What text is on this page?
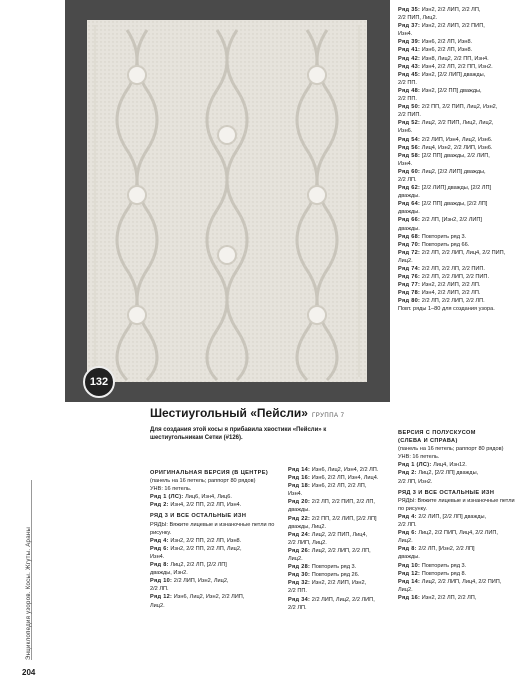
132
Энциклопедия узоров. Косы. Жгуты. Араны
204
Ряд 35: Изн2, 2/2 ЛИП, 2/2 ЛП,
2/2 ПИП, Лиц2.
Ряд 37: Изн2, 2/2 ЛИП, 2/2 ПИП,
Изн4.
Ряд 39: Изн6, 2/2 ЛП, Изн8.
Ряд 41: Изн6, 2/2 ЛП, Изн8.
Ряд 42: Изн8, Лиц2, 2/2 ПП, Изн4.
Ряд 43: Изн4, 2/2 ЛП, 2/2 ПП, Изн2.
Ряд 45: Изн2, [2/2 ЛИП] дважды,
2/2 ПП.
Ряд 48: Изн2, [2/2 ПП] дважды,
2/2 ПП.
Ряд 50: 2/2 ПП, 2/2 ПИП, Лиц2, Изн2,
2/2 ПИП.
Ряд 52: Лиц2, 2/2 ПИП, Лиц2, Лиц2,
Изн6.
Ряд 54: 2/2 ЛИП, Изн4, Лиц2, Изн6.
Ряд 56: Лиц4, Изн2, 2/2 ЛИП, Изн6.
Ряд 58: [2/2 ПП] дважды, 2/2 ЛИП,
Изн4.
Ряд 60: Лиц2, [2/2 ЛИП] дважды,
2/2 ЛП.
Ряд 62: [2/2 ЛИП] дважды, [2/2 ЛП]
дважды.
Ряд 64: [2/2 ПП] дважды, [2/2 ЛП]
дважды.
Ряд 66: 2/2 ЛП, [Изн2, 2/2 ЛИП]
дважды.
Ряд 68: Повторить ряд 3.
Ряд 70: Повторить ряд 66.
Ряд 72: 2/2 ЛП, 2/2 ЛИП, Лиц4, 2/2 ПИП,
Лиц2.
Ряд 74: 2/2 ЛП, 2/2 ЛП, 2/2 ПИП.
Ряд 76: 2/2 ЛП, 2/2 ЛИП, 2/2 ПИП.
Ряд 77: Изн2, 2/2 ЛИП, 2/2 ЛП.
Ряд 78: Изн4, 2/2 ЛИП, 2/2 ЛП.
Ряд 80: 2/2 ЛП, 2/2 ЛИП, 2/2 ЛП.
Повт. ряды 1–80 для создания узора.
Шестиугольный «Пейсли» ГРУППА 7
Для создания этой косы я прибавила хвостики «Пейсли» к шестиугольникам Сетки (#126).
ОРИГИНАЛЬНАЯ ВЕРСИЯ (В ЦЕНТРЕ)
(панель на 16 петель; раппорт 80 рядов)
УНВ: 16 петель.
Ряд 1 (ЛС): Лиц6, Изн4, Лиц6.
Ряд 2: Изн4, 2/2 ПП, 2/2 ЛП, Изн4.
РЯД 3 И ВСЕ ОСТАЛЬНЫЕ ИЗН
РЯДЫ: Вяжите лицевые и изнаночные петли по рисунку.
Ряд 4: Изн2, 2/2 ПП, 2/2 ЛП, Изн8.
Ряд 6: Изн2, 2/2 ПП, 2/2 ЛП, Лиц2,
Изн4.
Ряд 8: Лиц2, 2/2 ЛП, [2/2 ЛП]
дважды, Изн2.
Ряд 10: 2/2 ЛИП, Изн2, Лиц2,
2/2 ЛП.
Ряд 12: Изн6, Лиц2, Изн2, 2/2 ЛИП,
Лиц2.
Ряд 14: Изн6, Лиц2, Изн4, 2/2 ЛП.
Ряд 16: Изн6, 2/2 ЛП, Изн4, Лиц4.
Ряд 18: Изн6, 2/2 ЛП, 2/2 ЛП,
Изн4.
Ряд 20: 2/2 ЛП, 2/2 ПИП, 2/2 ЛП,
дважды.
Ряд 22: 2/2 ПП, 2/2 ЛИП, [2/2 ЛП]
дважды, Лиц2.
Ряд 24: Лиц2, 2/2 ПИП, Лиц4,
2/2 ЛИП, Лиц2.
Ряд 26: Лиц2, 2/2 ЛИП, 2/2 ЛП,
Лиц2.
Ряд 28: Повторить ряд 3.
Ряд 30: Повторить ряд 26.
Ряд 32: Изн2, 2/2 ЛИП, Изн2,
2/2 ПП.
Ряд 34: 2/2 ЛИП, Лиц2, 2/2 ЛИП,
2/2 ЛП.
ВЕРСИЯ С ПОЛУСКУСОМ
(СЛЕВА И СПРАВА)
(панель на 16 петель; раппорт 80 рядов)
УНВ: 16 петель.
Ряд 1 (ЛС): Лиц4, Изн12.
Ряд 2: Лиц2, [2/2 ЛП] дважды,
2/2 ЛП, Изн2.
РЯД 3 И ВСЕ ОСТАЛЬНЫЕ ИЗН
РЯДЫ: Вяжите лицевые и изнаночные петли по рисунку.
Ряд 4: 2/2 ЛИП, [2/2 ЛП] дважды,
2/2 ЛП.
Ряд 6: Лиц2, 2/2 ПИП, Лиц4, 2/2 ЛИП,
Лиц2.
Ряд 8: 2/2 ЛП, [Изн2, 2/2 ЛП]
дважды.
Ряд 10: Повторить ряд 3.
Ряд 12: Повторить ряд 8.
Ряд 14: Лиц2, 2/2 ЛИП, Лиц4, 2/2 ПИП,
Лиц2.
Ряд 16: Изн2, 2/2 ЛП, 2/2 ЛП,
